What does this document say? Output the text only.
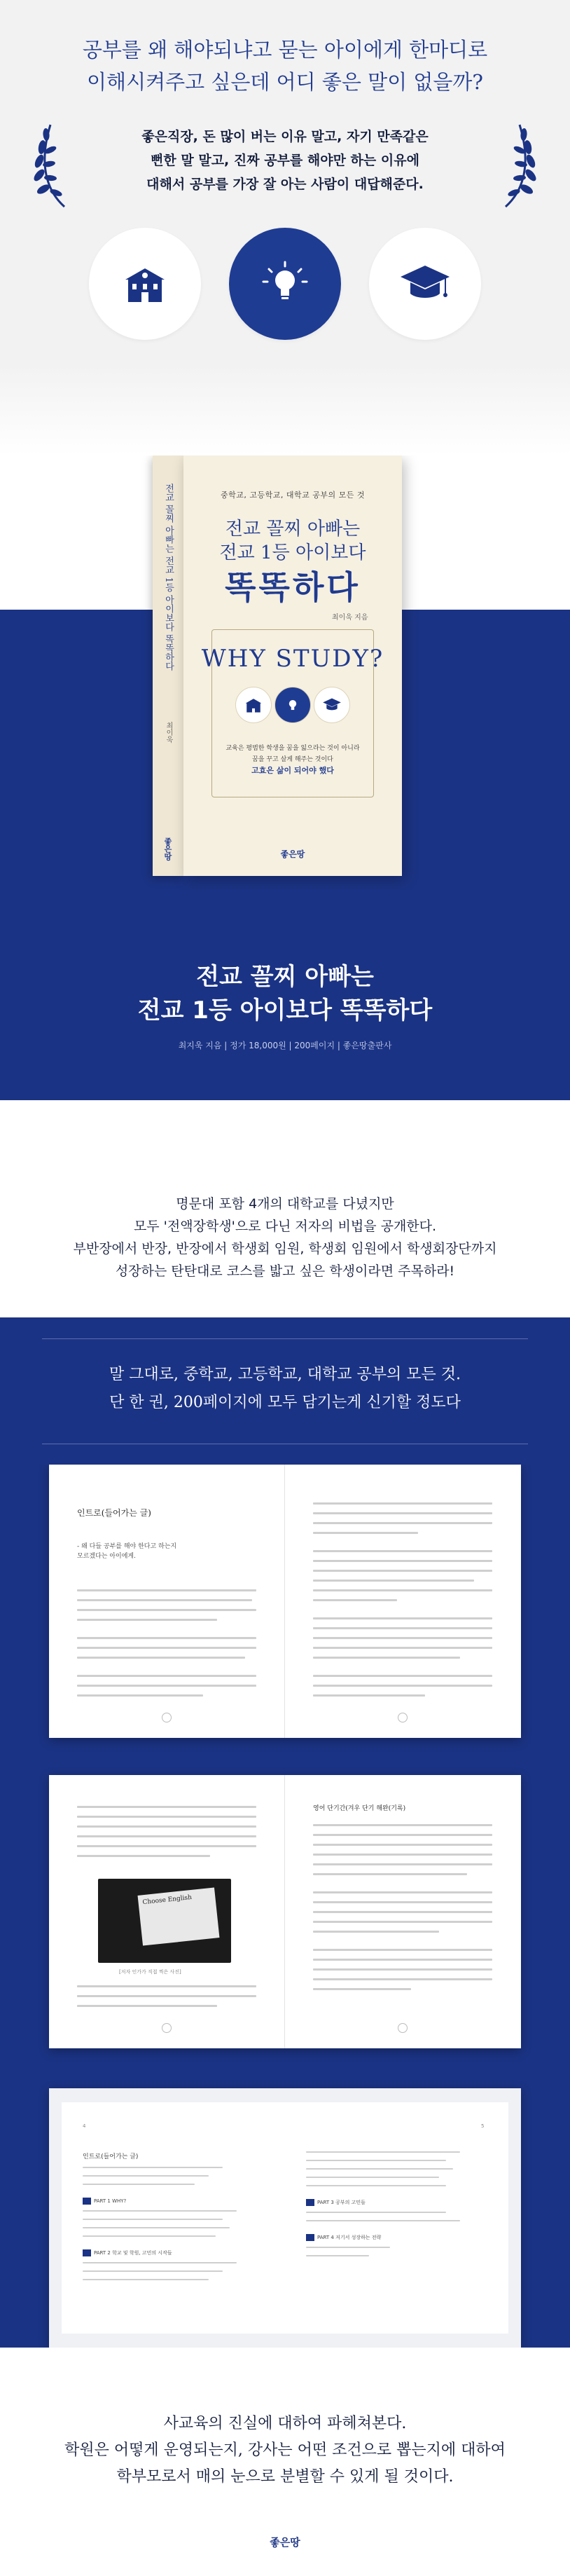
공부를 왜 해야되냐고 묻는 아이에게 한마디로
이해시켜주고 싶은데 어디 좋은 말이 없을까?
좋은직장, 돈 많이 버는 이유 말고, 자기 만족같은
뻔한 말 말고, 진짜 공부를 해야만 하는 이유에
대해서 공부를 가장 잘 아는 사람이 대답해준다.
전교 꼴찌 아빠는 전교 1등 아이보다 똑똑하다
최이욱
좋은땅
중학교, 고등학교, 대학교 공부의 모든 것
전교 꼴찌 아빠는
전교 1등 아이보다
똑똑하다
최이욱 지음
WHY STUDY?
교육은 평범한 학생을 꿈을 잃으라는 것이 아니라
꿈을 꾸고 살게 해주는 것이다
고효은 삶이 되어야 했다
좋은땅
전교 꼴찌 아빠는
전교 1등 아이보다 똑똑하다
최지욱 지음 | 정가 18,000원 | 200페이지 | 좋은땅출판사
명문대 포함 4개의 대학교를 다녔지만
모두 '전액장학생'으로 다닌 저자의 비법을 공개한다.
부반장에서 반장, 반장에서 학생회 임원, 학생회 임원에서 학생회장단까지
성장하는 탄탄대로 코스를 밟고 싶은 학생이라면 주목하라!
말 그대로, 중학교, 고등학교, 대학교 공부의 모든 것.
단 한 권, 200페이지에 모두 담기는게 신기할 정도다
인트로(들어가는 글)
- 왜 다들 공부를 해야 한다고 하는지
모르겠다는 아이에게.
Choose English
[저자 인가가 직접 찍은 사진]
영어 단기간(겨우 단기 해완(기록)
4
인트로(들어가는 글)
PART 1 WHY?
PART 2 학교 및 학원, 고민의 시작들
5
PART 3 공부의 고민들
PART 4 저기서 성장하는 전략
사교육의 진실에 대하여 파헤쳐본다.
학원은 어떻게 운영되는지, 강사는 어떤 조건으로 뽑는지에 대하여
학부모로서 매의 눈으로 분별할 수 있게 될 것이다.
좋은땅
